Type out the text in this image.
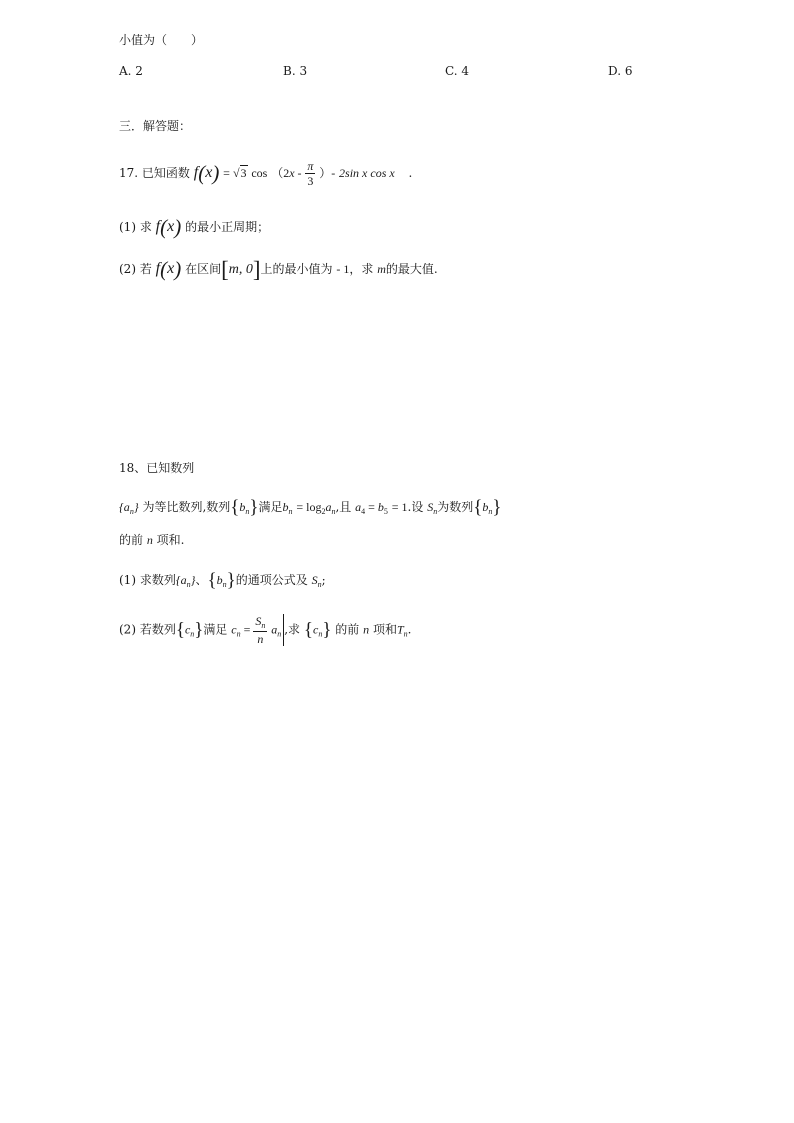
小值为（　　）
A. 2	B. 3	C. 4	D. 6
三．解答题：
17. 已知函数 f(x) = √3 $\cos (2x - \frac{\pi}{3}$ ）- 2sin x cos x .
(1) 求 f(x) 的最小正周期；
(2) 若 f(x) 在区间[m, 0]上的最小值为 - 1，求 m的最大值.
18、已知数列
$\{a_n\}$ 为等比数列,数列$\{b_n\}$满足$b_n = \log_2a_n$,且 $a_4 = b_5 = 1$.设 $S_n$为数列$\{b_n\}$
的前 n 项和.
(1) 求数列$\{a_n\}$、$\{b_n\}$的通项公式及 $S_n$;
(2) 若数列$\{c_n\}$满足 $c_n = \frac{S_n}{n} a_n$ ,求 $\{c_n\}$ 的前 n 项和$T_n$.
